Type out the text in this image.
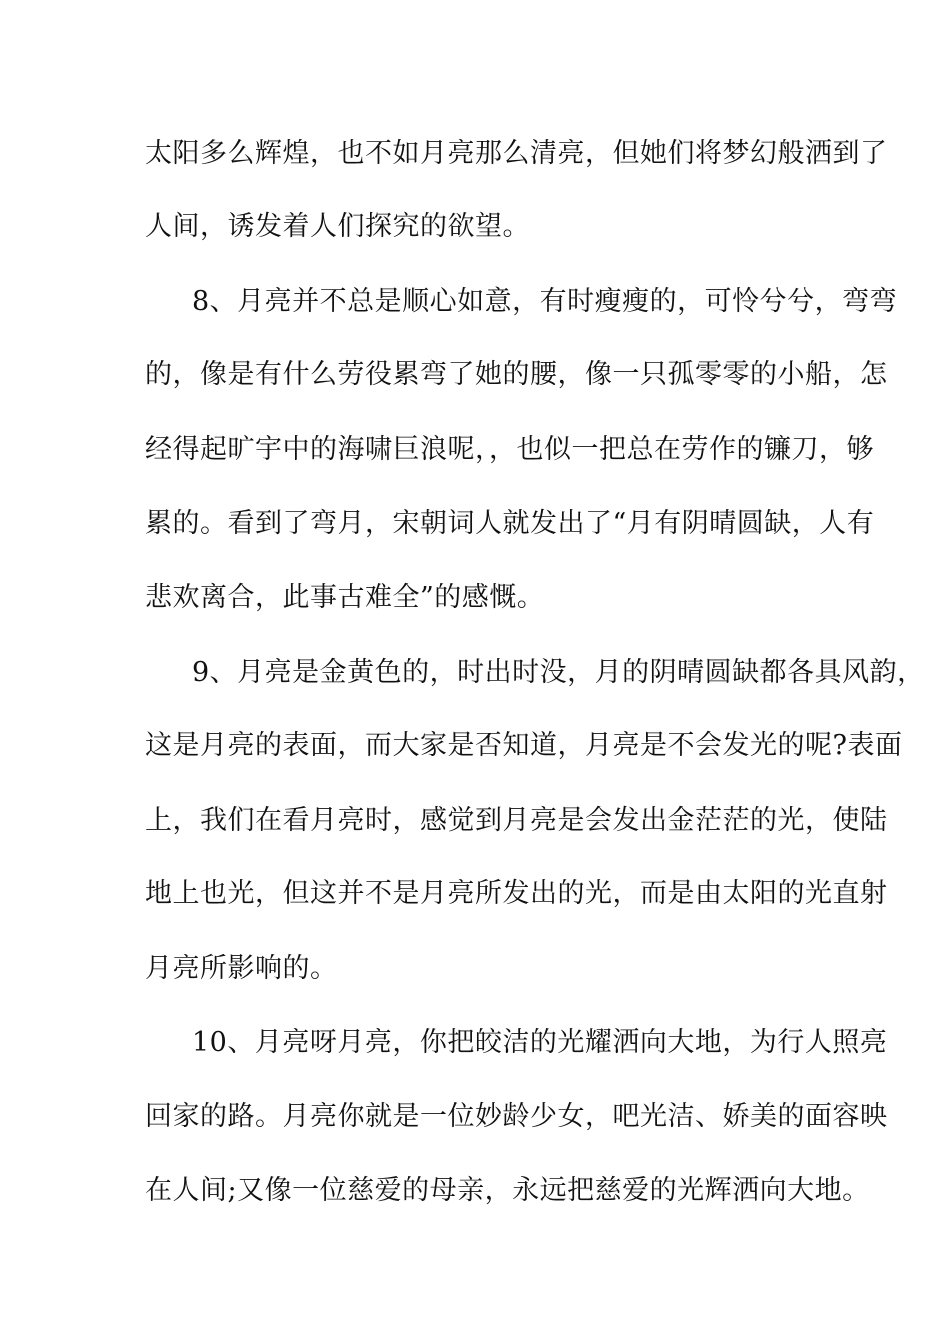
太阳多么辉煌，也不如月亮那么清亮，但她们将梦幻般洒到了
人间，诱发着人们探究的欲望。
8、月亮并不总是顺心如意，有时瘦瘦的，可怜兮兮，弯弯
的，像是有什么劳役累弯了她的腰，像一只孤零零的小船，怎
经得起旷宇中的海啸巨浪呢，，也似一把总在劳作的镰刀，够
累的。看到了弯月，宋朝词人就发出了“月有阴晴圆缺，人有
悲欢离合，此事古难全”的感慨。
9、月亮是金黄色的，时出时没，月的阴晴圆缺都各具风韵，
这是月亮的表面，而大家是否知道，月亮是不会发光的呢?表面
上，我们在看月亮时，感觉到月亮是会发出金茫茫的光，使陆
地上也光，但这并不是月亮所发出的光，而是由太阳的光直射
月亮所影响的。
10、月亮呀月亮，你把皎洁的光耀洒向大地，为行人照亮
回家的路。月亮你就是一位妙龄少女，吧光洁、娇美的面容映
在人间;又像一位慈爱的母亲，永远把慈爱的光辉洒向大地。
